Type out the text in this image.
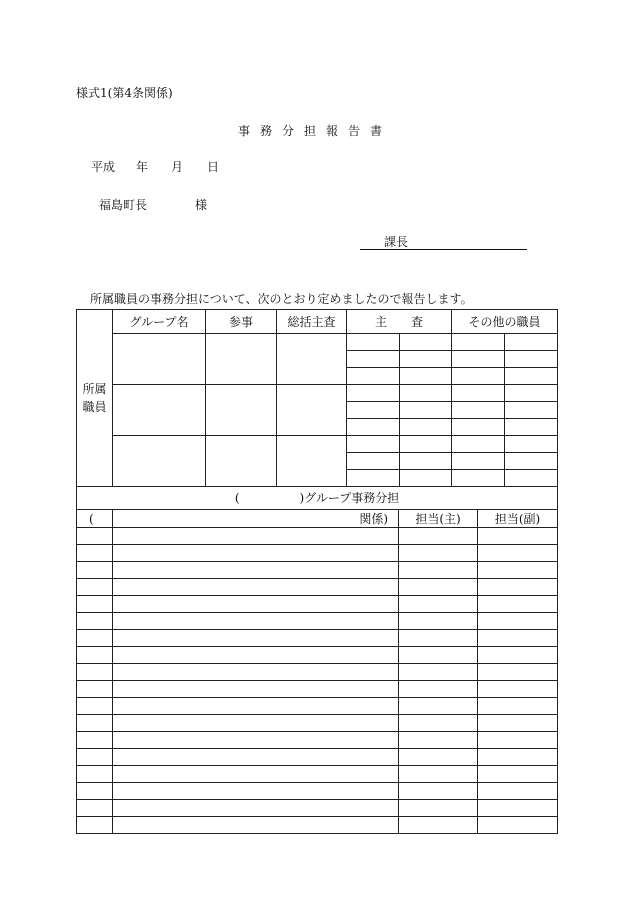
様式1(第4条関係)
事務分担報告書
平成 年 月 日
福島町長	様
課長
所属職員の事務分担について、次のとおり定めましたので報告します。
所属
職員	グループ名	参事	総括主査	主　　査		その他の職員	

( )グループ事務分担			
(	関係)	担当(主)	担当(副)
